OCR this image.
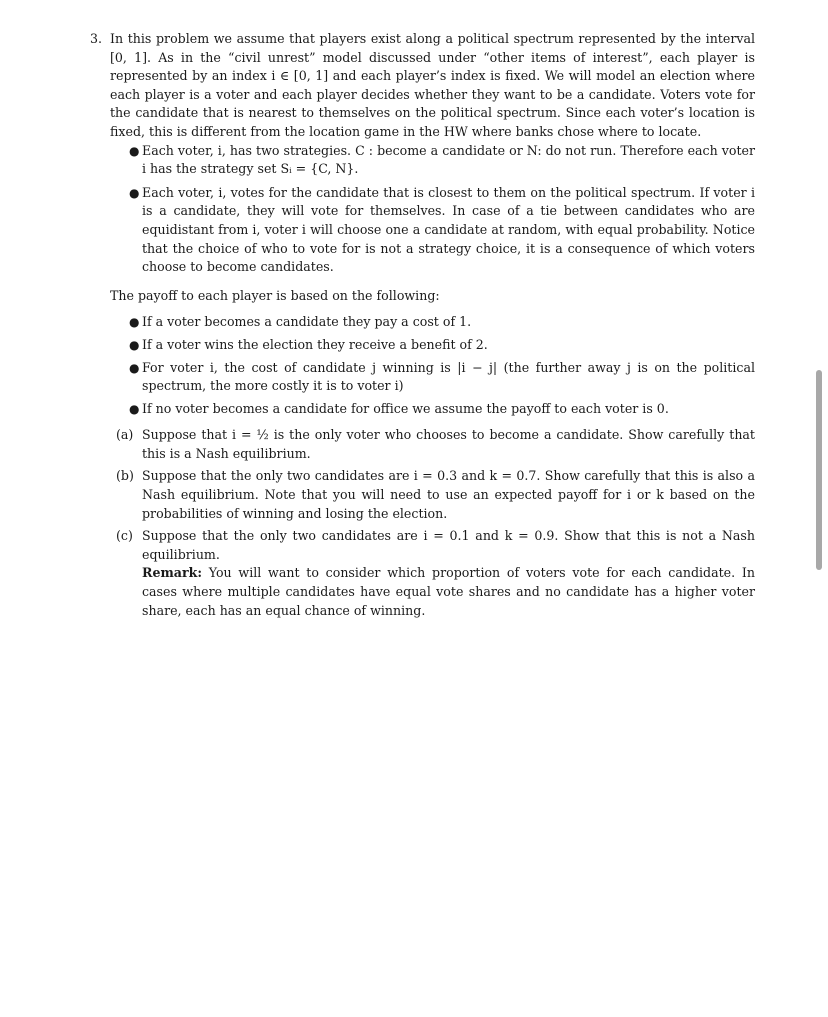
3. In this problem we assume that players exist along a political spectrum represented by the interval [0, 1]. As in the “civil unrest” model discussed under “other items of interest”, each player is represented by an index i ∈ [0, 1] and each player’s index is fixed. We will model an election where each player is a voter and each player decides whether they want to be a candidate. Voters vote for the candidate that is nearest to themselves on the political spectrum. Since each voter’s location is fixed, this is different from the location game in the HW where banks chose where to locate.

● Each voter, i, has two strategies. C : become a candidate or N: do not run. Therefore each voter i has the strategy set Sᵢ = {C, N}.
● Each voter, i, votes for the candidate that is closest to them on the political spectrum. If voter i is a candidate, they will vote for themselves. In case of a tie between candidates who are equidistant from i, voter i will choose one a candidate at random, with equal probability. Notice that the choice of who to vote for is not a strategy choice, it is a consequence of which voters choose to become candidates.

The payoff to each player is based on the following:

● If a voter becomes a candidate they pay a cost of 1.
● If a voter wins the election they receive a benefit of 2.
● For voter i, the cost of candidate j winning is |i − j| (the further away j is on the political spectrum, the more costly it is to voter i)
● If no voter becomes a candidate for office we assume the payoff to each voter is 0.
(a) Suppose that i = ½ is the only voter who chooses to become a candidate. Show carefully that this is a Nash equilibrium.
(b) Suppose that the only two candidates are i = 0.3 and k = 0.7. Show carefully that this is also a Nash equilibrium. Note that you will need to use an expected payoff for i or k based on the probabilities of winning and losing the election.
(c) Suppose that the only two candidates are i = 0.1 and k = 0.9. Show that this is not a Nash equilibrium.
Remark: You will want to consider which proportion of voters vote for each candidate. In cases where multiple candidates have equal vote shares and no candidate has a higher voter share, each has an equal chance of winning.
